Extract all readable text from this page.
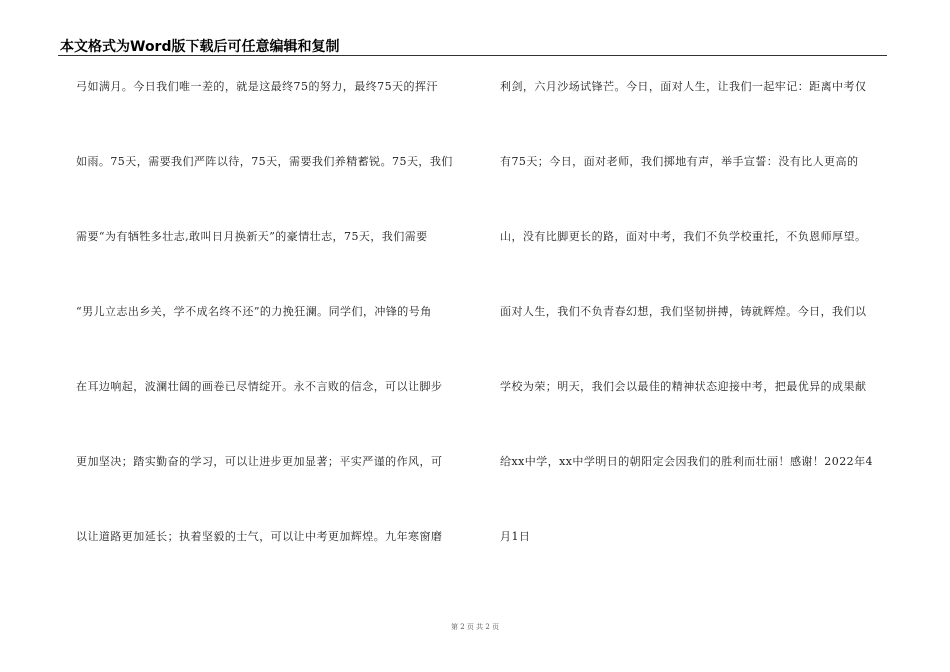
本文格式为Word版下载后可任意编辑和复制
弓如满月。今日我们唯一差的，就是这最终75的努力，最终75天的挥汗
如雨。75天，需要我们严阵以待，75天，需要我们养精蓄锐。75天，我们
需要“为有牺牲多壮志,敢叫日月换新天”的豪情壮志，75天，我们需要
“男儿立志出乡关，学不成名终不还”的力挽狂澜。同学们，冲锋的号角
在耳边响起，波澜壮阔的画卷已尽情绽开。永不言败的信念，可以让脚步
更加坚决；踏实勤奋的学习，可以让进步更加显著；平实严谨的作风，可
以让道路更加延长；执着坚毅的士气，可以让中考更加辉煌。九年寒窗磨
利剑，六月沙场试锋芒。今日，面对人生，让我们一起牢记：距离中考仅
有75天；今日，面对老师，我们掷地有声，举手宣誓：没有比人更高的
山，没有比脚更长的路，面对中考，我们不负学校重托，不负恩师厚望。
面对人生，我们不负青春幻想，我们坚韧拼搏，铸就辉煌。今日，我们以
学校为荣；明天，我们会以最佳的精神状态迎接中考，把最优异的成果献
给xx中学，xx中学明日的朝阳定会因我们的胜利而壮丽！感谢！2022年4
月1日
第 2 页 共 2 页
